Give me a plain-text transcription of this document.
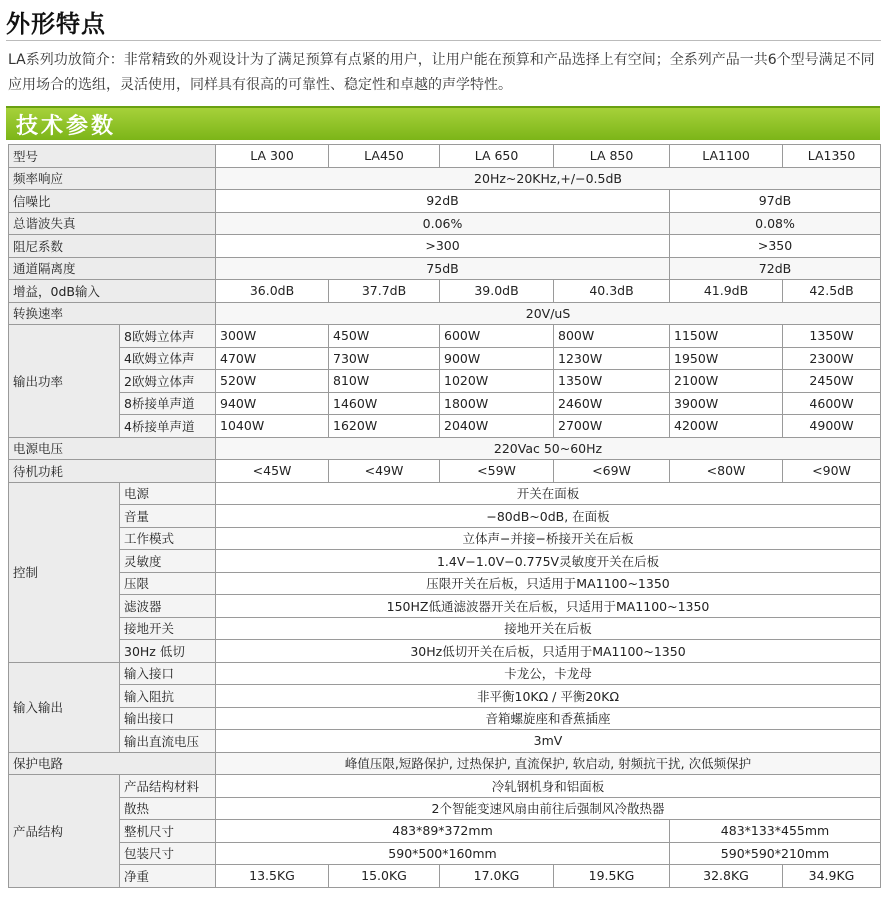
外形特点
LA系列功放简介：非常精致的外观设计为了满足预算有点紧的用户，让用户能在预算和产品选择上有空间；全系列产品一共6个型号满足不同应用场合的选组，灵活使用，同样具有很高的可靠性、稳定性和卓越的声学特性。
技术参数
型号		LA 300	LA450	LA 650	LA 850	LA1100	LA1350
频率响应		20Hz~20KHz,+/−0.5dB					
信噪比		92dB				97dB	
总谐波失真		0.06%				0.08%	
阻尼系数		>300				>350	
通道隔离度		75dB				72dB	
增益，0dB输入		36.0dB	37.7dB	39.0dB	40.3dB	41.9dB	42.5dB
转换速率		20V/uS					
输出功率	8欧姆立体声	300W	450W	600W	800W	1150W	1350W
	4欧姆立体声	470W	730W	900W	1230W	1950W	2300W
	2欧姆立体声	520W	810W	1020W	1350W	2100W	2450W
	8桥接单声道	940W	1460W	1800W	2460W	3900W	4600W
	4桥接单声道	1040W	1620W	2040W	2700W	4200W	4900W
电源电压		220Vac 50~60Hz					
待机功耗		<45W	<49W	<59W	<69W	<80W	<90W
控制	电源	开关在面板					
	音量	−80dB~0dB, 在面板					
	工作模式	立体声−并接−桥接开关在后板					
	灵敏度	1.4V−1.0V−0.775V灵敏度开关在后板					
	压限	压限开关在后板，只适用于MA1100~1350					
	滤波器	150HZ低通滤波器开关在后板，只适用于MA1100~1350					
	接地开关	接地开关在后板					
	30Hz 低切	30Hz低切开关在后板，只适用于MA1100~1350					
输入输出	输入接口	卡龙公，卡龙母					
	输入阻抗	非平衡10KΩ / 平衡20KΩ					
	输出接口	音箱螺旋座和香蕉插座					
	输出直流电压	3mV					
保护电路		峰值压限,短路保护, 过热保护, 直流保护, 软启动, 射频抗干扰, 次低频保护					
产品结构	产品结构材料	冷轧钢机身和铝面板					
	散热	2个智能变速风扇由前往后强制风冷散热器					
	整机尺寸	483*89*372mm				483*133*455mm	
	包装尺寸	590*500*160mm				590*590*210mm	
	净重	13.5KG	15.0KG	17.0KG	19.5KG	32.8KG	34.9KG
